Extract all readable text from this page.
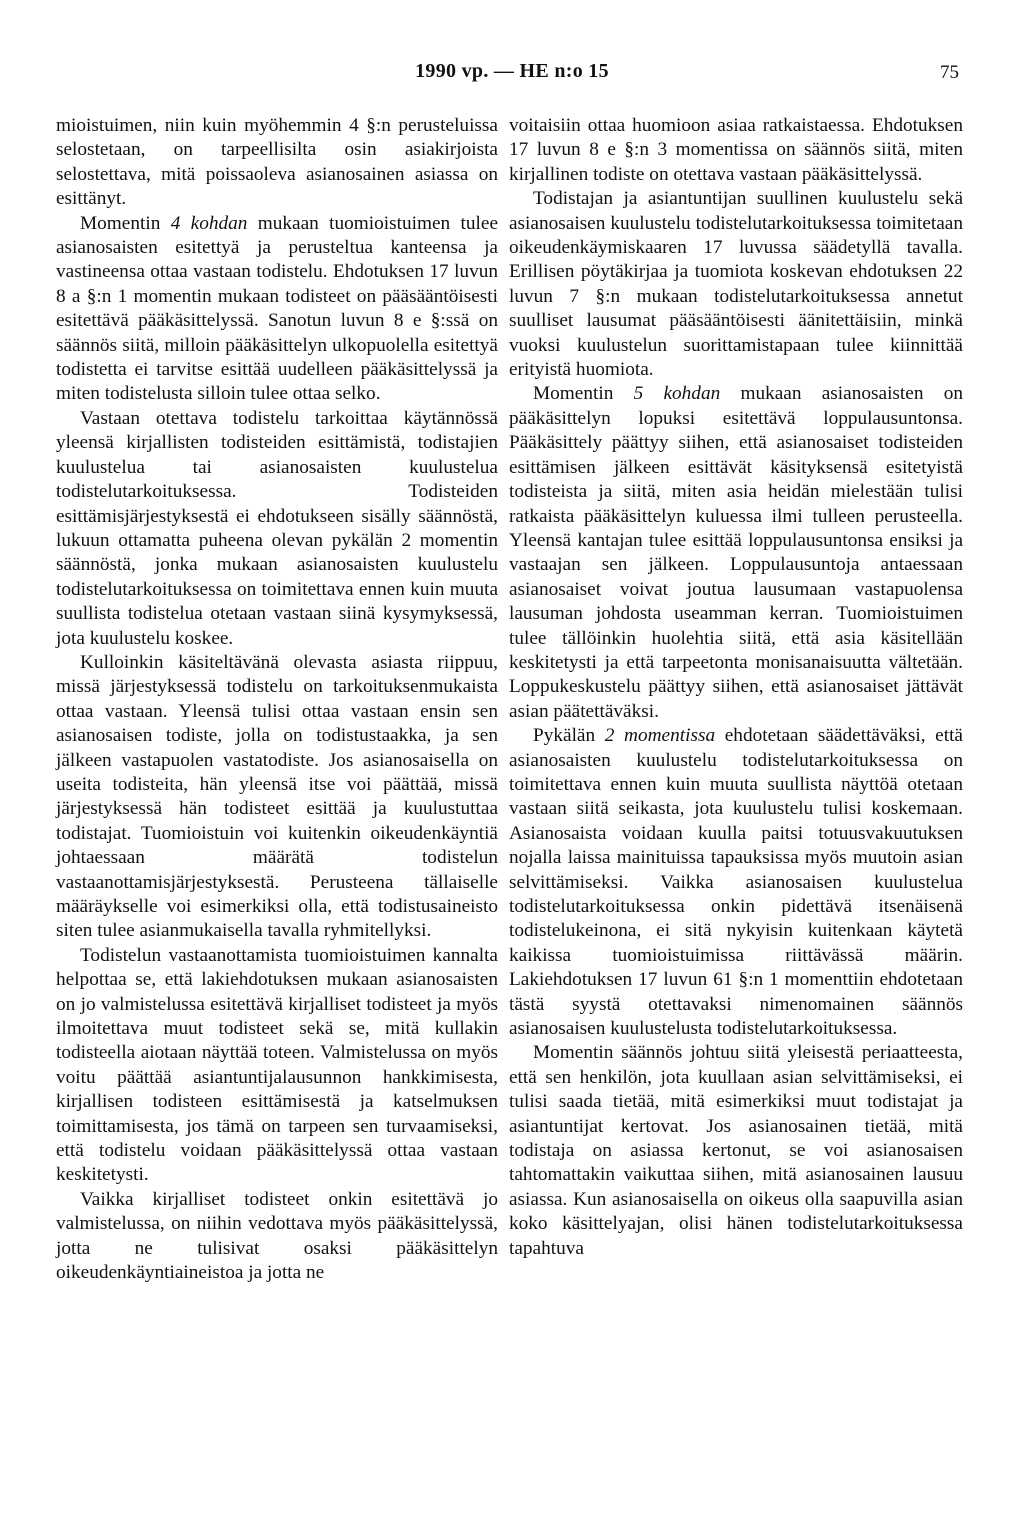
1990 vp. — HE n:o 15	75

mioistuimen, niin kuin myöhemmin 4 §:n perusteluissa selostetaan, on tarpeellisilta osin asiakirjoista selostettava, mitä poissaoleva asianosainen asiassa on esittänyt.

Momentin 4 kohdan mukaan tuomioistuimen tulee asianosaisten esitettyä ja perusteltua kanteensa ja vastineensa ottaa vastaan todistelu. Ehdotuksen 17 luvun 8 a §:n 1 momentin mukaan todisteet on pääsääntöisesti esitettävä pääkäsittelyssä. Sanotun luvun 8 e §:ssä on säännös siitä, milloin pääkäsittelyn ulkopuolella esitettyä todistetta ei tarvitse esittää uudelleen pääkäsittelyssä ja miten todistelusta silloin tulee ottaa selko.

Vastaan otettava todistelu tarkoittaa käytännössä yleensä kirjallisten todisteiden esittämistä, todistajien kuulustelua tai asianosaisten kuulustelua todistelutarkoituksessa. Todisteiden esittämisjärjestyksestä ei ehdotukseen sisälly säännöstä, lukuun ottamatta puheena olevan pykälän 2 momentin säännöstä, jonka mukaan asianosaisten kuulustelu todistelutarkoituksessa on toimitettava ennen kuin muuta suullista todistelua otetaan vastaan siinä kysymyksessä, jota kuulustelu koskee.

Kulloinkin käsiteltävänä olevasta asiasta riippuu, missä järjestyksessä todistelu on tarkoituksenmukaista ottaa vastaan. Yleensä tulisi ottaa vastaan ensin sen asianosaisen todiste, jolla on todistustaakka, ja sen jälkeen vastapuolen vastatodiste. Jos asianosaisella on useita todisteita, hän yleensä itse voi päättää, missä järjestyksessä hän todisteet esittää ja kuulustuttaa todistajat. Tuomioistuin voi kuitenkin oikeudenkäyntiä johtaessaan määrätä todistelun vastaanottamisjärjestyksestä. Perusteena tällaiselle määräykselle voi esimerkiksi olla, että todistusaineisto siten tulee asianmukaisella tavalla ryhmitellyksi.

Todistelun vastaanottamista tuomioistuimen kannalta helpottaa se, että lakiehdotuksen mukaan asianosaisten on jo valmistelussa esitettävä kirjalliset todisteet ja myös ilmoitettava muut todisteet sekä se, mitä kullakin todisteella aiotaan näyttää toteen. Valmistelussa on myös voitu päättää asiantuntijalausunnon hankkimisesta, kirjallisen todisteen esittämisestä ja katselmuksen toimittamisesta, jos tämä on tarpeen sen turvaamiseksi, että todistelu voidaan pääkäsittelyssä ottaa vastaan keskitetysti.

Vaikka kirjalliset todisteet onkin esitettävä jo valmistelussa, on niihin vedottava myös pääkäsittelyssä, jotta ne tulisivat osaksi pääkäsittelyn oikeudenkäyntiaineistoa ja jotta ne

voitaisiin ottaa huomioon asiaa ratkaistaessa. Ehdotuksen 17 luvun 8 e §:n 3 momentissa on säännös siitä, miten kirjallinen todiste on otettava vastaan pääkäsittelyssä.

Todistajan ja asiantuntijan suullinen kuulustelu sekä asianosaisen kuulustelu todistelutarkoituksessa toimitetaan oikeudenkäymiskaaren 17 luvussa säädetyllä tavalla. Erillisen pöytäkirjaa ja tuomiota koskevan ehdotuksen 22 luvun 7 §:n mukaan todistelutarkoituksessa annetut suulliset lausumat pääsääntöisesti äänitettäisiin, minkä vuoksi kuulustelun suorittamistapaan tulee kiinnittää erityistä huomiota.

Momentin 5 kohdan mukaan asianosaisten on pääkäsittelyn lopuksi esitettävä loppulausuntonsa. Pääkäsittely päättyy siihen, että asianosaiset todisteiden esittämisen jälkeen esittävät käsityksensä esitetyistä todisteista ja siitä, miten asia heidän mielestään tulisi ratkaista pääkäsittelyn kuluessa ilmi tulleen perusteella. Yleensä kantajan tulee esittää loppulausuntonsa ensiksi ja vastaajan sen jälkeen. Loppulausuntoja antaessaan asianosaiset voivat joutua lausumaan vastapuolensa lausuman johdosta useamman kerran. Tuomioistuimen tulee tällöinkin huolehtia siitä, että asia käsitellään keskitetysti ja että tarpeetonta monisanaisuutta vältetään. Loppukeskustelu päättyy siihen, että asianosaiset jättävät asian päätettäväksi.

Pykälän 2 momentissa ehdotetaan säädettäväksi, että asianosaisten kuulustelu todistelutarkoituksessa on toimitettava ennen kuin muuta suullista näyttöä otetaan vastaan siitä seikasta, jota kuulustelu tulisi koskemaan. Asianosaista voidaan kuulla paitsi totuusvakuutuksen nojalla laissa mainituissa tapauksissa myös muutoin asian selvittämiseksi. Vaikka asianosaisen kuulustelua todistelutarkoituksessa onkin pidettävä itsenäisenä todistelukeinona, ei sitä nykyisin kuitenkaan käytetä kaikissa tuomioistuimissa riittävässä määrin. Lakiehdotuksen 17 luvun 61 §:n 1 momenttiin ehdotetaan tästä syystä otettavaksi nimenomainen säännös asianosaisen kuulustelusta todistelutarkoituksessa.

Momentin säännös johtuu siitä yleisestä periaatteesta, että sen henkilön, jota kuullaan asian selvittämiseksi, ei tulisi saada tietää, mitä esimerkiksi muut todistajat ja asiantuntijat kertovat. Jos asianosainen tietää, mitä todistaja on asiassa kertonut, se voi asianosaisen tahtomattakin vaikuttaa siihen, mitä asianosainen lausuu asiassa. Kun asianosaisella on oikeus olla saapuvilla asian koko käsittelyajan, olisi hänen todistelutarkoituksessa tapahtuva
